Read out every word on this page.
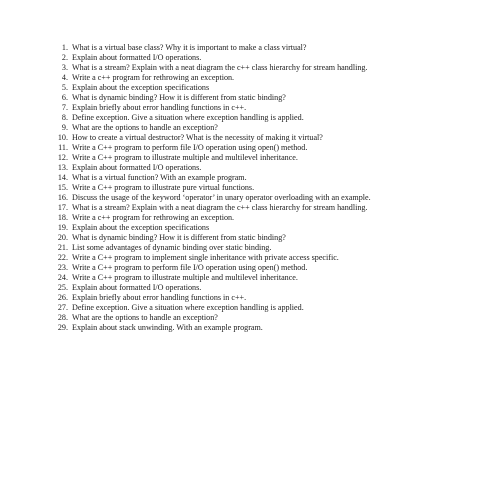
1. What is a virtual base class? Why it is important to make a class virtual?
2. Explain about formatted I/O operations.
3. What is a stream? Explain with a neat diagram the c++ class hierarchy for stream handling.
4. Write a c++ program for rethrowing an exception.
5. Explain about the exception specifications
6. What is dynamic binding? How it is different from static binding?
7. Explain briefly about error handling functions in c++.
8. Define exception. Give a situation where exception handling is applied.
9. What are the options to handle an exception?
10. How to create a virtual destructor? What is the necessity of making it virtual?
11. Write a C++ program to perform file I/O operation using open() method.
12. Write a C++ program to illustrate multiple and multilevel inheritance.
13. Explain about formatted I/O operations.
14. What is a virtual function? With an example program.
15. Write a C++ program to illustrate pure virtual functions.
16. Discuss the usage of the keyword ‘operator’ in unary operator overloading with an example.
17. What is a stream? Explain with a neat diagram the c++ class hierarchy for stream handling.
18. Write a c++ program for rethrowing an exception.
19. Explain about the exception specifications
20. What is dynamic binding? How it is different from static binding?
21. List some advantages of dynamic binding over static binding.
22. Write a C++ program to implement single inheritance with private access specific.
23. Write a C++ program to perform file I/O operation using open() method.
24. Write a C++ program to illustrate multiple and multilevel inheritance.
25. Explain about formatted I/O operations.
26. Explain briefly about error handling functions in c++.
27. Define exception. Give a situation where exception handling is applied.
28. What are the options to handle an exception?
29. Explain about stack unwinding. With an example program.
